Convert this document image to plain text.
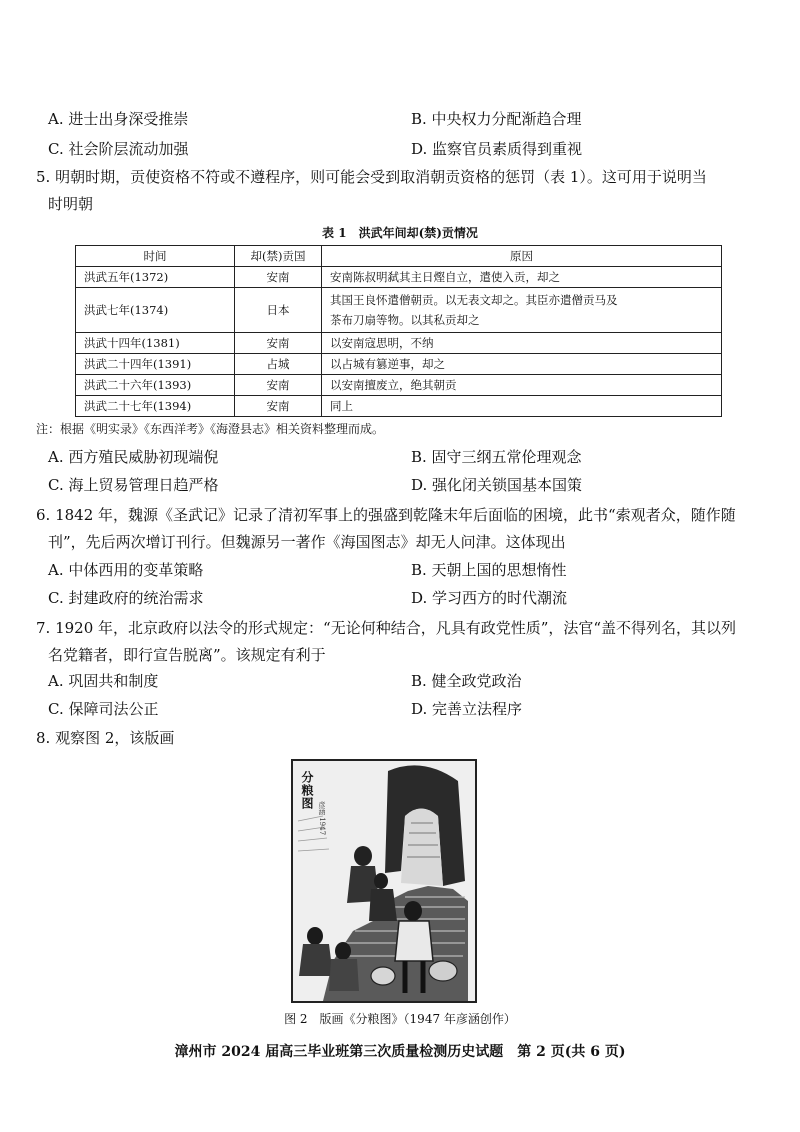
A. 进士出身深受推崇	B. 中央权力分配渐趋合理
C. 社会阶层流动加强	D. 监察官员素质得到重视
5. 明朝时期，贡使资格不符或不遵程序，则可能会受到取消朝贡资格的惩罚（表 1）。这可用于说明当
时明朝
表 1　洪武年间却(禁)贡情况
时间	却(禁)贡国	原因
洪武五年(1372)	安南	安南陈叔明弑其主日熞自立，遣使入贡，却之
洪武七年(1374)	日本	其国王良怀遣僧朝贡。以无表文却之。其臣亦遣僧贡马及
茶布刀扇等物。以其私贡却之

洪武十四年(1381)	安南	以安南寇思明，不纳
洪武二十四年(1391)	占城	以占城有篡逆事，却之
洪武二十六年(1393)	安南	以安南擅废立，绝其朝贡
洪武二十七年(1394)	安南	同上
注：根据《明实录》《东西洋考》《海澄县志》相关资料整理而成。
A. 西方殖民威胁初现端倪	B. 固守三纲五常伦理观念
C. 海上贸易管理日趋严格	D. 强化闭关锁国基本国策
6. 1842 年，魏源《圣武记》记录了清初军事上的强盛到乾隆末年后面临的困境，此书“索观者众，随作随
刊”，先后两次增订刊行。但魏源另一著作《海国图志》却无人问津。这体现出
A. 中体西用的变革策略	B. 天朝上国的思想惰性
C. 封建政府的统治需求	D. 学习西方的时代潮流
7. 1920 年，北京政府以法令的形式规定：“无论何种结合，凡具有政党性质”，法官“盖不得列名，其以列
名党籍者，即行宣告脱离”。该规定有利于
A. 巩固共和制度	B. 健全政党政治
C. 保障司法公正	D. 完善立法程序
8. 观察图 2，该版画
分粮图
彦涵 1947
图 2　版画《分粮图》（1947 年彦涵创作）
漳州市 2024 届高三毕业班第三次质量检测历史试题　第 2 页(共 6 页)
